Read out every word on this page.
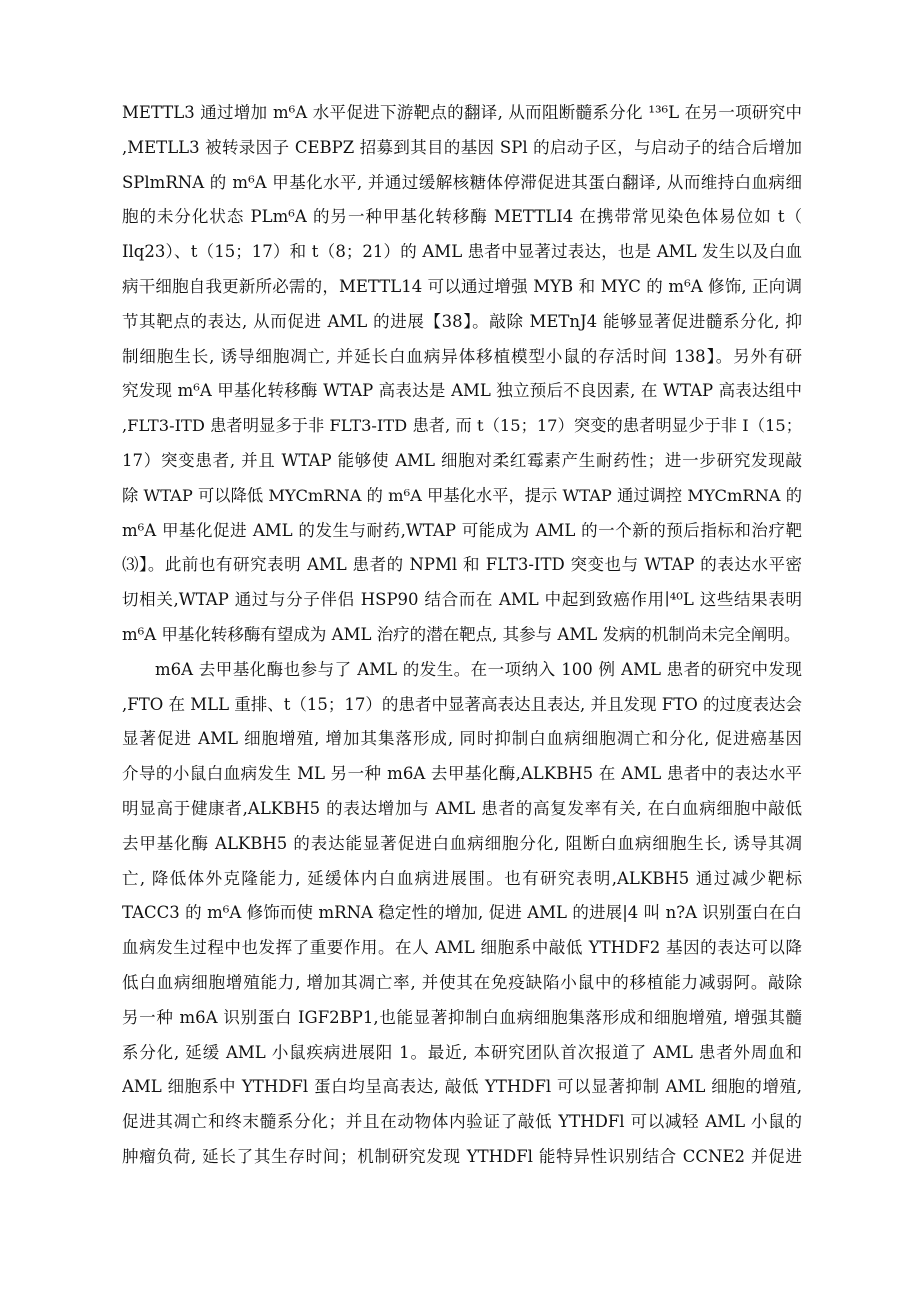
METTL3 通过增加 m⁶A 水平促进下游靶点的翻译, 从而阻断髓系分化 ¹³⁶L 在另一项研究中
,METLL3 被转录因子 CEBPZ 招募到其目的基因 SPl 的启动子区，与启动子的结合后增加
SPlmRNA 的 m⁶A 甲基化水平, 并通过缓解核糖体停滞促进其蛋白翻译, 从而维持白血病细
胞的未分化状态 PLm⁶A 的另一种甲基化转移酶 METTLI4 在携带常见染色体易位如 t（
Ilq23）、t（15；17）和 t（8；21）的 AML 患者中显著过表达，也是 AML 发生以及白血
病干细胞自我更新所必需的，METTL14 可以通过增强 MYB 和 MYC 的 m⁶A 修饰, 正向调
节其靶点的表达, 从而促进 AML 的进展【38】。敲除 METnJ4 能够显著促进髓系分化, 抑
制细胞生长, 诱导细胞凋亡, 并延长白血病异体移植模型小鼠的存活时间 138】。另外有研
究发现 m⁶A 甲基化转移酶 WTAP 高表达是 AML 独立预后不良因素, 在 WTAP 高表达组中
,FLT3-ITD 患者明显多于非 FLT3-ITD 患者, 而 t（15；17）突变的患者明显少于非 I（15；
17）突变患者, 并且 WTAP 能够使 AML 细胞对柔红霉素产生耐药性；进一步研究发现敲
除 WTAP 可以降低 MYCmRNA 的 m⁶A 甲基化水平，提示 WTAP 通过调控 MYCmRNA 的
m⁶A 甲基化促进 AML 的发生与耐药,WTAP 可能成为 AML 的一个新的预后指标和治疗靶
⑶】。此前也有研究表明 AML 患者的 NPMl 和 FLT3-ITD 突变也与 WTAP 的表达水平密
切相关,WTAP 通过与分子伴侣 HSP90 结合而在 AML 中起到致癌作用∣⁴⁰L 这些结果表明
m⁶A 甲基化转移酶有望成为 AML 治疗的潜在靶点, 其参与 AML 发病的机制尚未完全阐明。
m6A 去甲基化酶也参与了 AML 的发生。在一项纳入 100 例 AML 患者的研究中发现
,FTO 在 MLL 重排、t（15；17）的患者中显著高表达且表达, 并且发现 FTO 的过度表达会
显著促进 AML 细胞增殖, 增加其集落形成, 同时抑制白血病细胞凋亡和分化, 促进癌基因
介导的小鼠白血病发生 ML 另一种 m6A 去甲基化酶,ALKBH5 在 AML 患者中的表达水平
明显高于健康者,ALKBH5 的表达增加与 AML 患者的高复发率有关, 在白血病细胞中敲低
去甲基化酶 ALKBH5 的表达能显著促进白血病细胞分化, 阻断白血病细胞生长, 诱导其凋
亡, 降低体外克隆能力, 延缓体内白血病进展围。也有研究表明,ALKBH5 通过减少靶标
TACC3 的 m⁶A 修饰而使 mRNA 稳定性的增加, 促进 AML 的进展|4 叫 n?A 识别蛋白在白
血病发生过程中也发挥了重要作用。在人 AML 细胞系中敲低 YTHDF2 基因的表达可以降
低白血病细胞增殖能力, 增加其凋亡率, 并使其在免疫缺陷小鼠中的移植能力减弱阿。敲除
另一种 m6A 识别蛋白 IGF2BP1,也能显著抑制白血病细胞集落形成和细胞增殖, 增强其髓
系分化, 延缓 AML 小鼠疾病进展阳 1。最近, 本研究团队首次报道了 AML 患者外周血和
AML 细胞系中 YTHDFl 蛋白均呈高表达, 敲低 YTHDFl 可以显著抑制 AML 细胞的增殖,
促进其凋亡和终末髓系分化；并且在动物体内验证了敲低 YTHDFl 可以减轻 AML 小鼠的
肿瘤负荷, 延长了其生存时间；机制研究发现 YTHDFl 能特异性识别结合 CCNE2 并促进
